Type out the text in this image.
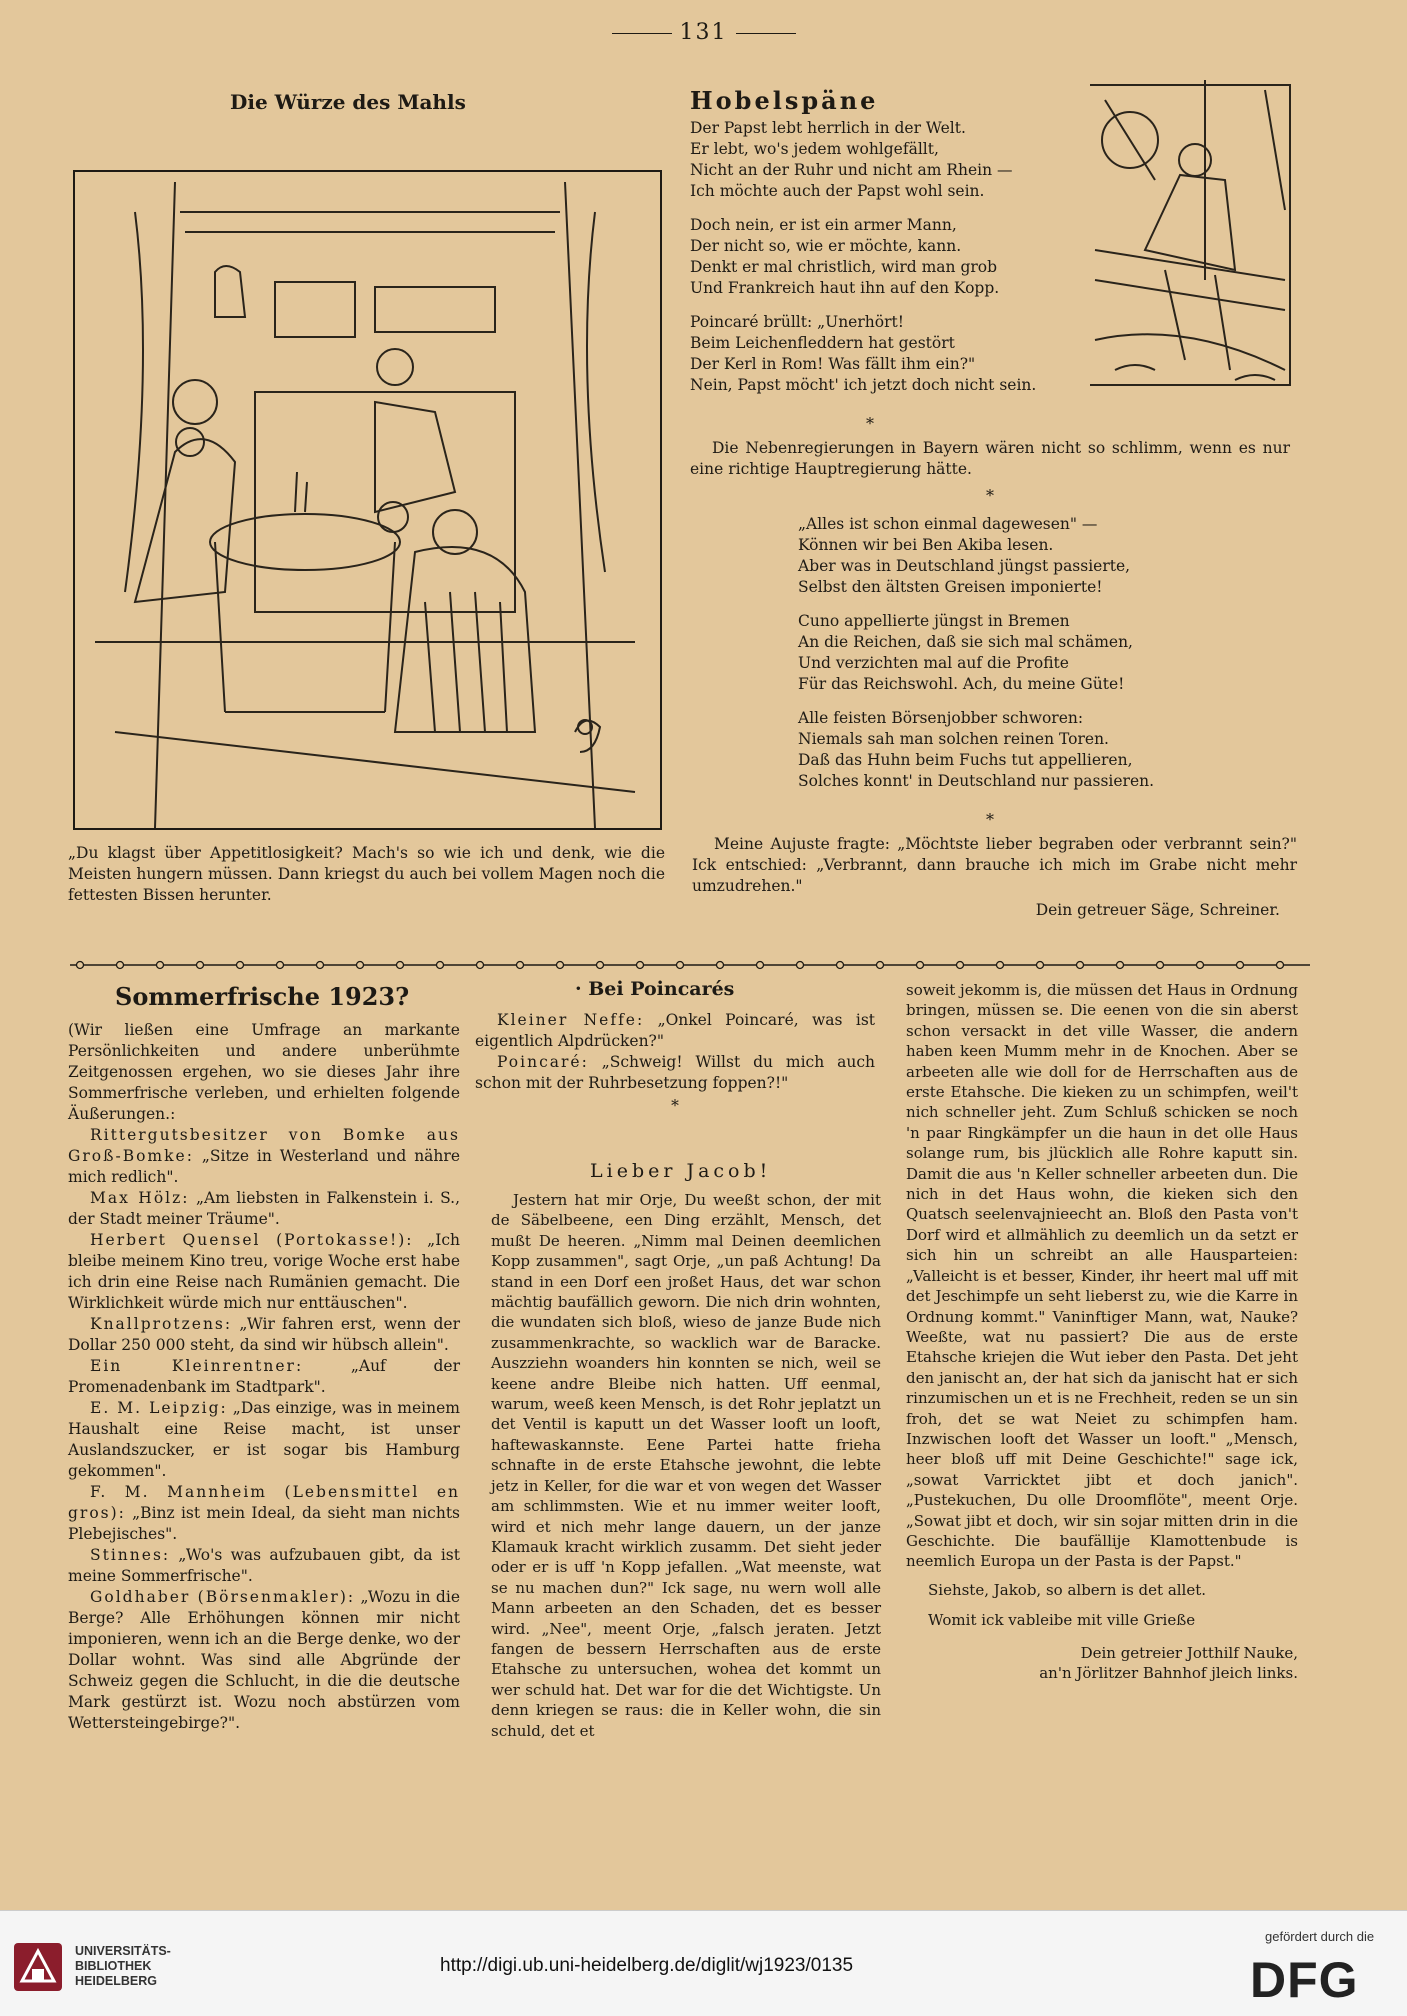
131
Die Würze des Mahls
„Du klagst über Appetitlosigkeit? Mach's so wie ich und denk, wie die Meisten hungern müssen. Dann kriegst du auch bei vollem Magen noch die fettesten Bissen herunter.
Hobelspäne

Der Papst lebt herrlich in der Welt.

Er lebt, wo's jedem wohlgefällt,

Nicht an der Ruhr und nicht am Rhein —

Ich möchte auch der Papst wohl sein.

Doch nein, er ist ein armer Mann,

Der nicht so, wie er möchte, kann.

Denkt er mal christlich, wird man grob

Und Frankreich haut ihn auf den Kopp.

Poincaré brüllt: „Unerhört!

Beim Leichenfleddern hat gestört

Der Kerl in Rom! Was fällt ihm ein?"

Nein, Papst möcht' ich jetzt doch nicht sein.

*
Die Nebenregierungen in Bayern wären nicht so schlimm, wenn es nur eine richtige Hauptregierung hätte.
*

„Alles ist schon einmal dagewesen" —

Können wir bei Ben Akiba lesen.

Aber was in Deutschland jüngst passierte,

Selbst den ältsten Greisen imponierte!

Cuno appellierte jüngst in Bremen

An die Reichen, daß sie sich mal schämen,

Und verzichten mal auf die Profite

Für das Reichswohl. Ach, du meine Güte!

Alle feisten Börsenjobber schworen:

Niemals sah man solchen reinen Toren.

Daß das Huhn beim Fuchs tut appellieren,

Solches konnt' in Deutschland nur passieren.

*
Meine Aujuste fragte: „Möchtste lieber begraben oder verbrannt sein?" Ick entschied: „Verbrannt, dann brauche ich mich im Grabe nicht mehr umzudrehen."
Dein getreuer Säge, Schreiner.
Sommerfrische 1923?

(Wir ließen eine Umfrage an markante Persönlichkeiten und andere unberühmte Zeitgenossen ergehen, wo sie dieses Jahr ihre Sommerfrische verleben, und erhielten folgende Äußerungen.:

Rittergutsbesitzer von Bomke aus Groß-Bomke: „Sitze in Westerland und nähre mich redlich".

Max Hölz: „Am liebsten in Falkenstein i. S., der Stadt meiner Träume".

Herbert Quensel (Portokasse!): „Ich bleibe meinem Kino treu, vorige Woche erst habe ich drin eine Reise nach Rumänien gemacht. Die Wirklichkeit würde mich nur enttäuschen".

Knallprotzens: „Wir fahren erst, wenn der Dollar 250 000 steht, da sind wir hübsch allein".

Ein Kleinrentner: „Auf der Promenadenbank im Stadtpark".

E. M. Leipzig: „Das einzige, was in meinem Haushalt eine Reise macht, ist unser Auslandszucker, er ist sogar bis Hamburg gekommen".

F. M. Mannheim (Lebensmittel en gros): „Binz ist mein Ideal, da sieht man nichts Plebejisches".

Stinnes: „Wo's was aufzubauen gibt, da ist meine Sommerfrische".

Goldhaber (Börsenmakler): „Wozu in die Berge? Alle Erhöhungen können mir nicht imponieren, wenn ich an die Berge denke, wo der Dollar wohnt. Was sind alle Abgründe der Schweiz gegen die Schlucht, in die die deutsche Mark gestürzt ist. Wozu noch abstürzen vom Wettersteingebirge?".

· Bei Poincarés

Kleiner Neffe: „Onkel Poincaré, was ist eigentlich Alpdrücken?"

Poincaré: „Schweig! Willst du mich auch schon mit der Ruhrbesetzung foppen?!"

*
Lieber Jacob!
Jestern hat mir Orje, Du weeßt schon, der mit de Säbelbeene, een Ding erzählt, Mensch, det mußt De heeren. „Nimm mal Deinen deemlichen Kopp zusammen", sagt Orje, „un paß Achtung! Da stand in een Dorf een jroßet Haus, det war schon mächtig baufällich geworn. Die nich drin wohnten, die wundaten sich bloß, wieso de janze Bude nich zusammenkrachte, so wacklich war de Baracke. Auszziehn woanders hin konnten se nich, weil se keene andre Bleibe nich hatten. Uff eenmal, warum, weeß keen Mensch, is det Rohr jeplatzt un det Ventil is kaputt un det Wasser looft un looft, haftewaskannste. Eene Partei hatte frieha schnafte in de erste Etahsche jewohnt, die lebte jetz in Keller, for die war et von wegen det Wasser am schlimmsten. Wie et nu immer weiter looft, wird et nich mehr lange dauern, un der janze Klamauk kracht wirklich zusamm. Det sieht jeder oder er is uff 'n Kopp jefallen. „Wat meenste, wat se nu machen dun?" Ick sage, nu wern woll alle Mann arbeeten an den Schaden, det es besser wird. „Nee", meent Orje, „falsch jeraten. Jetzt fangen de bessern Herrschaften aus de erste Etahsche zu untersuchen, wohea det kommt un wer schuld hat. Det war for die det Wichtigste. Un denn kriegen se raus: die in Keller wohn, die sin schuld, det et

soweit jekomm is, die müssen det Haus in Ordnung bringen, müssen se. Die eenen von die sin aberst schon versackt in det ville Wasser, die andern haben keen Mumm mehr in de Knochen. Aber se arbeeten alle wie doll for de Herrschaften aus de erste Etahsche. Die kieken zu un schimpfen, weil't nich schneller jeht. Zum Schluß schicken se noch 'n paar Ringkämpfer un die haun in det olle Haus solange rum, bis jlücklich alle Rohre kaputt sin. Damit die aus 'n Keller schneller arbeeten dun. Die nich in det Haus wohn, die kieken sich den Quatsch seelenvajnieecht an. Bloß den Pasta von't Dorf wird et allmählich zu deemlich un da setzt er sich hin un schreibt an alle Hausparteien: „Valleicht is et besser, Kinder, ihr heert mal uff mit det Jeschimpfe un seht lieberst zu, wie die Karre in Ordnung kommt." Vaninftiger Mann, wat, Nauke? Weeßte, wat nu passiert? Die aus de erste Etahsche kriejen die Wut ieber den Pasta. Det jeht den janischt an, der hat sich da janischt hat er sich rinzumischen un et is ne Frechheit, reden se un sin froh, det se wat Neiet zu schimpfen ham. Inzwischen looft det Wasser un looft." „Mensch, heer bloß uff mit Deine Geschichte!" sage ick, „sowat Varricktet jibt et doch janich". „Pustekuchen, Du olle Droomflöte", meent Orje. „Sowat jibt et doch, wir sin sojar mitten drin in die Geschichte. Die baufällije Klamottenbude is neemlich Europa un der Pasta is der Papst."

Siehste, Jakob, so albern is det allet.

Womit ick vableibe mit ville Grieße

Dein getreier Jotthilf Nauke,

an'n Jörlitzer Bahnhof jleich links.

UNIVERSITÄTS-
BIBLIOTHEK
HEIDELBERG
http://digi.ub.uni-heidelberg.de/diglit/wj1923/0135
gefördert durch die
DFG
